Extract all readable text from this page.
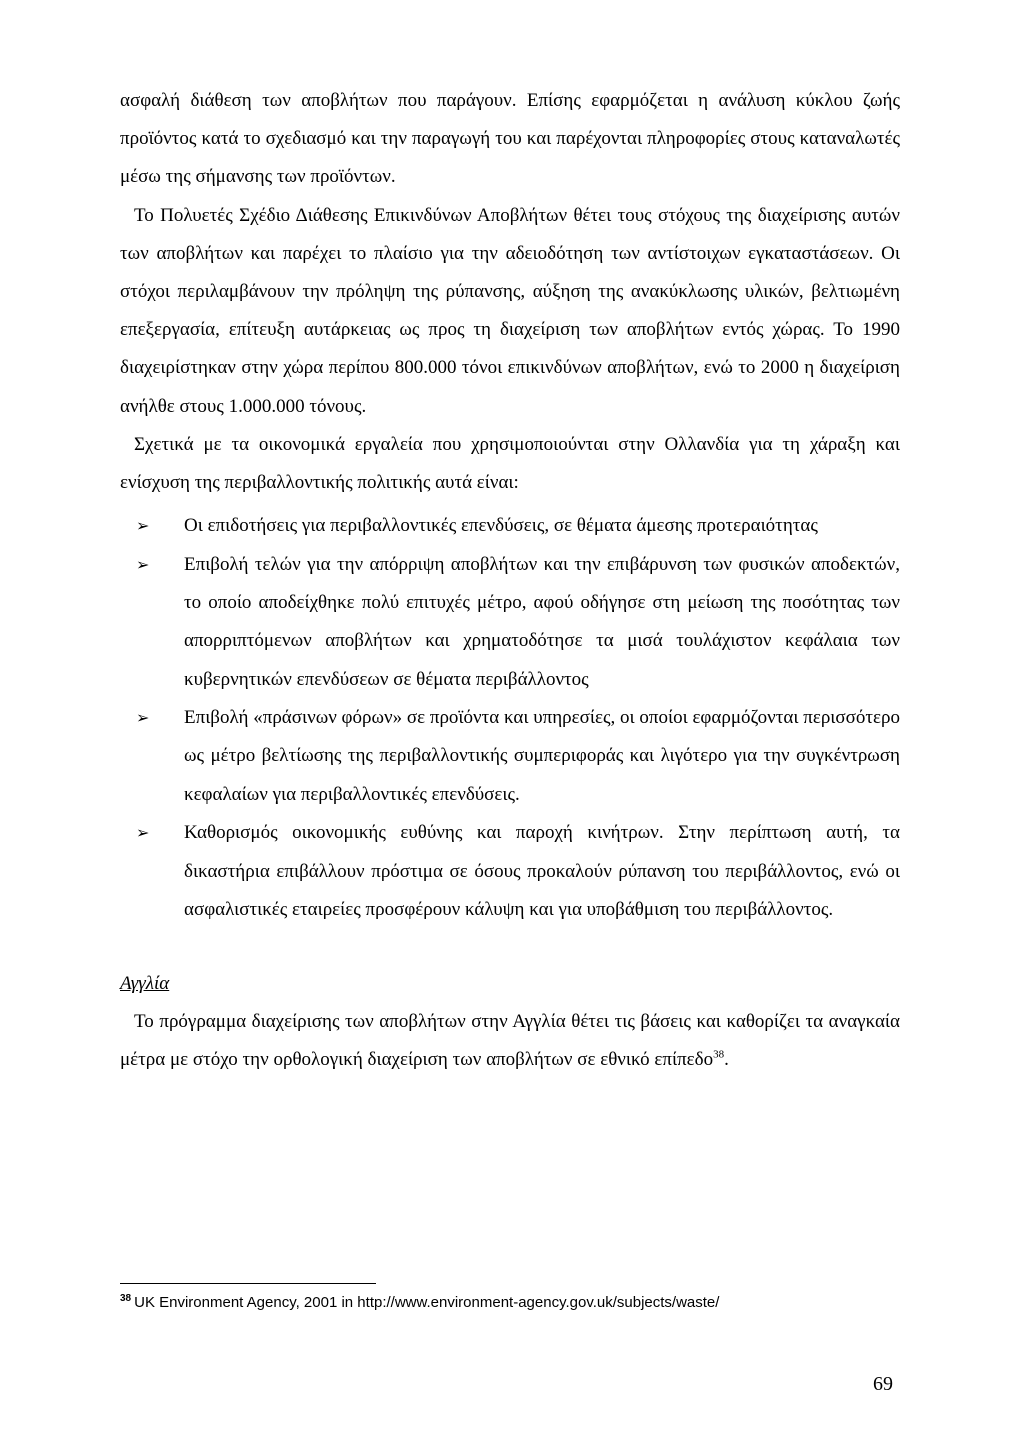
ασφαλή διάθεση των αποβλήτων που παράγουν. Επίσης εφαρμόζεται η ανάλυση κύκλου ζωής προϊόντος κατά το σχεδιασμό και την παραγωγή του και παρέχονται πληροφορίες στους καταναλωτές μέσω της σήμανσης των προϊόντων.

Το Πολυετές Σχέδιο Διάθεσης Επικινδύνων Αποβλήτων θέτει τους στόχους της διαχείρισης αυτών των αποβλήτων και παρέχει το πλαίσιο για την αδειοδότηση των αντίστοιχων εγκαταστάσεων. Οι στόχοι περιλαμβάνουν την πρόληψη της ρύπανσης, αύξηση της ανακύκλωσης υλικών, βελτιωμένη επεξεργασία, επίτευξη αυτάρκειας ως προς τη διαχείριση των αποβλήτων εντός χώρας. Το 1990 διαχειρίστηκαν στην χώρα περίπου 800.000 τόνοι επικινδύνων αποβλήτων, ενώ το 2000 η διαχείριση ανήλθε στους 1.000.000 τόνους.

Σχετικά με τα οικονομικά εργαλεία που χρησιμοποιούνται στην Ολλανδία για τη χάραξη και ενίσχυση της περιβαλλοντικής πολιτικής αυτά είναι:

➢ Οι επιδοτήσεις για περιβαλλοντικές επενδύσεις, σε θέματα άμεσης προτεραιότητας
➢ Επιβολή τελών για την απόρριψη αποβλήτων και την επιβάρυνση των φυσικών αποδεκτών, το οποίο αποδείχθηκε πολύ επιτυχές μέτρο, αφού οδήγησε στη μείωση της ποσότητας των απορριπτόμενων αποβλήτων και χρηματοδότησε τα μισά τουλάχιστον κεφάλαια των κυβερνητικών επενδύσεων σε θέματα περιβάλλοντος
➢ Επιβολή «πράσινων φόρων» σε προϊόντα και υπηρεσίες, οι οποίοι εφαρμόζονται περισσότερο ως μέτρο βελτίωσης της περιβαλλοντικής συμπεριφοράς και λιγότερο για την συγκέντρωση κεφαλαίων για περιβαλλοντικές επενδύσεις.
➢ Καθορισμός οικονομικής ευθύνης και παροχή κινήτρων. Στην περίπτωση αυτή, τα δικαστήρια επιβάλλουν πρόστιμα σε όσους προκαλούν ρύπανση του περιβάλλοντος, ενώ οι ασφαλιστικές εταιρείες προσφέρουν κάλυψη και για υποβάθμιση του περιβάλλοντος.

Αγγλία

Το πρόγραμμα διαχείρισης των αποβλήτων στην Αγγλία θέτει τις βάσεις και καθορίζει τα αναγκαία μέτρα με στόχο την ορθολογική διαχείριση των αποβλήτων σε εθνικό επίπεδο$^{38}$.

$^{38}$ UK Environment Agency, 2001 in http://www.environment-agency.gov.uk/subjects/waste/
69
